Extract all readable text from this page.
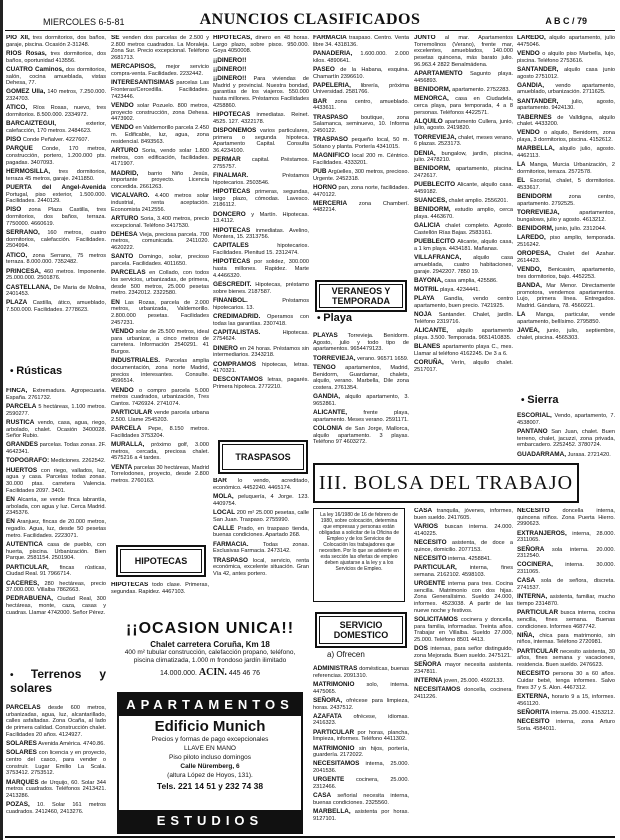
MIERCOLES 6-5-81	ANUNCIOS CLASIFICADOS	A B C / 79
PIO XII, tres dormitorios, dos baños, garaje, piscina. Ocasión 2-31248.
RIOS Rosas, tres dormitorios, dos baños, oportunidad 413556.
CUATRO Caminos, dos dormitorios, salón, cocina amueblada, vistas Dehesa, 77.
GOMEZ Ulla, 140 metros, 7.250.000. 2324703.
ATICO, Ríos Rosas, nuevo, tres dormitorios. 8.500.000. 2334972.
BARCAIZTEGUI,	exterior, calefacción, 170 metros. 2484623.
PISO Conde Peñalver. 4227607.
PARQUE Conde, 170 metros, construcción, portero, 1.200.000 pts. pagadas. 3407093.
HERMOSILLA, tres dormitorios, terraza 45 metros, garaje. 2411850.
PUERTA del Angel-Avenida Portugal, piso exterior, 1.500.000. Facilidades. 2440129.
PISO zona Plaza Castilla, tres dormitorios, dos baños, terraza. 7750000. 4660619.
SERRANO, 160 metros, cuatro dormitorios, calefacción. Facilidades. 2504994.
ATICO, zona Serrano, 75 metros terraza. 8.000.000. 7352482.
PRINCESA, 460 metros. Imponente. 25.000.000. 2501876.
CASTELLANA, De Maria de Molina, 2401453.
PLAZA Castilla, ático, amueblado, 7.500.000. Facilidades. 2778623.
• Rústicas
FINCA, Extremadura. Agropecuaria. España. 2761732.
PARCELA 5 hectáreas, 1.100 metros. 2590277.
RUSTICA vendo, casa, agua, riego, arbolado, chalet. Ocasión 3400028. Señor Rubio.
GRANDES parcelas. Todas zonas. 2F. 4642341.
TOPOGRAFO: Mediciones. 2262542.
HUERTOS con riego, vallados, luz, agua y casa. Parcelas todas zonas. 30.000 ptas. carretera Valencia. Facilidades 2097. 3401.
EN Alcarria, se vende finca labrantía, arbolada, con agua y luz. Cerca Madrid. 2345376.
EN Aranjuez, fincas de 20.000 metros, regadío. Agua, luz, desde 50 pesetas metro. Facilidades. 2223071.
AUTENTICA casa de pueblo, con huerta, piscina. Urbanización. Bien Parque. 2581154. 2501904.
PARTICULAR, fincas rústicas, Ciudad Real. 91 7966714.
CACERES, 280 hectáreas, precio 37.000.000. Villalba 7862663.
PEDRABUENA, Ciudad Real, 300 hectáreas, monte, caza, casas y cuadras. Llamar 4742000. Señor Pérez.
• Terrenos y solares
PARCELAS desde 600 metros, urbanizadas, agua, luz, alcantarillado, calles asfaltadas. Zona Ocaña, al lado de primera calidad. Construcción chalet. Facilidades 20 años. 4124927.
SOLARES Avenida América. 4740.86.
SOLARES con licencia y en proyecto, centro del casco, para vender o construir. Lugar Emilio La Scala. 3753412. 2753512.
MARQUES de Urquijo, 60. Solar 344 metros cuadrados. Teléfonos 2413421. 2413286.
POZAS, 10. Solar 161 metros cuadrados. 2412460, 2413276.
SE venden dos parcelas de 2.500 y 2.800 metros cuadrados. La Moraleja. Zona Sur. Precio excepcional. Teléfono 2681713.
MERCAPISOS, mejor servicio compra-venta. Facilidades. 2232442.
INTERESANTISIMAS parcelas Las Fronteras/Cercedilla. Facilidades. 7423446.
VENDO solar Pozuelo. 800 metros, proyecto construcción, zona Dehesa. 4473902.
VENDO en Valdemorillo parcela 2.450 m. Edificable, luz, agua, zona residencial. 8493563.
ARTURO Soria, vendo solar 1.800 metros, con edificación, facilidades. 4171907.
MADRID, barrio Niño Jesús, importante proyecto. Licencia concedida. 2661263.
VICALVARO. 4.400 metros solar industrial, renta aceptación. Economista 2412556.
ARTURO Soria, 3.400 metros, precio excepcional. Teléfono 3417530.
DEHESA Vieja, preciosa parcela. 700 metros, comunicada. 2411020. 4620222.
SANTO Domingo, solar, precioso parcela. Facilidades. 4011650.
PARCELAS en Collado, con todos los servicios, urbanizadas, de primera, desde 500 metros, 25.000 pesetas metro. 2342012. 2322580.
EN Las Rozas, parcela de 2.000 metros, urbanizada, Valdemorillo. 2.800.000 pesetas. Facilidades 2457231.
VENDO solar de 25.500 metros, ideal para urbanizar, a cinco metros de carretera. Información 2540291. 41 Burgos.
INDUSTRIALES. Parcelas amplia documentación, zona norte Madrid, precios interesantes. Consulte. 4596514.
VENDO o compro parcela 5.000 metros cuadrados, urbanización, Tres Cantos. 7426924. 2741074.
PARTICULAR vende parcela urbana 2.500. Llame 2545203.
PARCELA Pepe, 8.150 metros. Facilidades 3753204.
MURALLA, próximo golf, 3.000 metros, cercada, preciosa chalet. 4575216 a 4 tardes.
VENTA parcelas 30 hectáreas, Madrid Torrelodones, proyecto, desde 2.800 metros. 2760163.
HIPOTECAS
HIPOTECAS todo clase. Primeras, segundas. Rapidez. 4467103.
HIPOTECAS, dinero en 48 horas. Largo plazo, sobre pisos. 950.000. Goya 4050008.
¡¡DINERO!!
¡¡DINERO!!
¡¡DINERO!! Para viviendas de Madrid y provincial. Nuestra bondad, garantías de los viajeros. 550.000 hasta millones. Préstamos Facilidades 4258860.
HIPOTECAS inmediatas. Reinet. 4525. 127. 4322178.
DISPONEMOS varios particulares, primera o segunda hipoteca. Apartamento Capital. Consulta 36.4234100.
PERMAR capital. Préstamos. 2755757.
FINALMAR.	Préstamos hipotecarios. 2503546.
HIPOTECAS primeras, segundas, largo plazo, cómodas. Lavesco. 2186112.
DONCERO y Martín. Hipotecas. 13.4112.
HIPOTECAS inmediatas. Avelino, Montera, 15. 2313756.
CAPITALES	hipotecarios. Facilidades. Plenitud 15. 2312474.
HIPOTECAS por solidez, 300.000 hasta millones. Rapidez. Marte 4.4466320.
GESCREDIT. Hipotecas, préstamo sobre bienes. 2187587.
FINANBOL.	Préstamos hipotecarios. 13.
CREDIMADRID. Operamos con todas las garantías. 2307418.
CAPITALISTAS.	Hipotecas. 2754624.
DINERO en 24 horas. Préstamos sin intermediarios. 2343218.
COMPRAMOS hipotecas, letras. 4170321.
DESCONTAMOS letras, pagarés. Primera hipoteca. 2772210.
TRASPASOS
BAR lo vendo, acreditado, económico. 4452240. 4465174.
MOLA, peluquería, 4 Jorge. 123. 4409754.
LOCAL 200 m² 25.000 pesetas, calle San Juan. Traspaso. 2755990.
CALLE Prado, en traspaso tienda, buenas condiciones. Apartado 268.
FARMACIA.	Todas zonas. Exclusivas Farmacia. 2473142.
TRASPASO local, servicio, renta económica, excelente situación. Gran Vía 42, antes portero.
FARMACIA traspaso. Centro. Venta libre 34. 4318136.
PANADERIA, 1.600.000. 2.000 kilos. 4890641.
PASEO de la Habana, esquina. Chamartín 2396610.
PAPELERIA, librería, próxima Universidad. 2581766.
BAR zona centro, amueblado. 4433611.
TRASPASO boutique, zona Salamanca, seminuevo, 10. Informa 2450122.
TRASPASO pequeño local, 50 m. Sótano y planta. Portería 4341015.
MAGNIFICO local 200 m. Céntrico. Facilidades. 4333201.
PUB Argüelles, 300 metros, precioso. Urgente. 2452318.
HORNO pan, zona norte, facilidades. 4470122.
MERCERIA zona Chamberí. 4482214.
VERANEOS Y TEMPORADA
• Playa
PLAYAS Torrevieja. Benidorm. Agosto, julio y todo tipo de apartamentos. 9654479123.
TORREVIEJA, verano. 96571 1659.
TENGO apartamentos, Madrid, Benidorm, Guardamar, chalets, alquilo, verano. Marbella, Dile zona costera. 2761354.
GANDIA, alquilo apartamento, 3. 9652861.
ALICANTE,	frente playa, apartamento. Meses verano. 2591171.
COLONIA de San Jorge, Mallorca, alquilo apartamento. 3 playas. Teléfono 97 4603272.
JUNTO al mar. Apartamentos Torremolinos (Verano), frente mar, excelentes, amueblados, 140.000 pesetas quincena, más barato julio. 96.963.4 2822 Benalmádena.
APARTAMENTO Sagunto playa. 4456893.
BENIDORM, apartamento. 2752283.
MENORCA, casa en Ciudadela, cerca playa, para temporada, 4 a 8 personas. Teléfonos 4422571.
ALQUILO apartamento Cullera, junio, julio, agosto. 2419820.
TORREVIEJA, chalet, meses verano, 6 plazas. 2523173.
DENIA, bungalow, jardín, piscina, julio. 2478210.
BENIDORM, apartamento, piscina. 2472617.
PUEBLECITO Alicante, alquilo casa. 4459182.
SUANCES, chalet amplio. 2556201.
BENIDORM, estudio amplio, cerca playa. 4463670.
GALICIA chalet completo. Agosto. Castellón Rías Bajas. 2583161.
PUEBLECITO Alicante, alquilo casa, a 1 km playa. 4434181. Mañanas.
VILLAFRANCA, alquilo casa amueblada, cuatro habitaciones, garaje. 2942207. 7850 19.
BAYONA, casa amplia, 425586.
MOTRIL playa. 4234441.
PLAYA Gandía, vendo centro apartamento, buen precio. 7421925.
NOJA Santander. Chalet, jardín. Teléfono 2319716.
ALICANTE, alquilo apartamento playa. 3.500. Temporada. 9651410835.
BLANES apartamento playa C., mes. Llamar al teléfono 4162245. De 3 a 6.
CORUÑA, Verín, alquilo chalet. 2517017.
LAREDO, alquilo apartamento, julio 4475046.
VENDO o alquilo piso Marbella, lujo, piscina. Teléfono 2753616.
SANTANDER, alquilo casa junio agosto 2751012.
GANDIA, vendo apartamento, amueblado, urbanización. 2711625.
SANTANDER, julio, agosto, apartamento. 9424130.
TABERNES de Valldigna, alquilo chalet. 4433200.
VENDO o alquilo, Benidorm, zona playa, 3 dormitorios, piscina. 4152612.
MARBELLA, alquilo julio, agosto. 4462113.
LA Manga, Murcia Urbanización, 2 dormitorios, terraza. 2572578.
EL Escorial, chalet, 5 dormitorios. 4533617.
BENIDORM	zona centro, apartamento. 2792525.
TORREVIEJA,	apartamentos, bungalows, julio y agosto. 4613212.
BENIDORM, junio, julio. 2312044.
LAREDO, piso amplio, temporada. 2516242.
OROPESA, Chalet del Azahar. 2614423.
VENDO, Benicasim, apartamento, tres dormitorios, bajo. 4452253.
BANDA, Mar Menor. Directamente promotora, vendemos apartamentos. Lujo, primera línea. Entregados. Madrid. Gándara, 78. 4560221.
LA Manga, particular, vende apartamento, bellísimo. 2795850.
JAVEA, junio, julio, septiembre, chalet, piscina. 4565303.
• Sierra
ESCORIAL, Vendo, apartamento, 7. 4538007.
PANTANO San Juan, chalet. Buen terreno, chalet, jacuzzi, zona privada, embarcadero. 2252452. 3780724.
GUADARRAMA, Jurasa. 2721420.
III. BOLSA DEL TRABAJO
La ley 16/1980 de 16 de febrero de 1980, sobre colocación, determina que empresas y personas están obligadas a solicitar de la Oficina de Empleo y de los Servicios de Colocación los trabajadores que necesiten. Por lo que se advierte en esta sección las ofertas de empleo deben ajustarse a la ley y a los Servicios de Empleo.
SERVICIO DOMESTICO
a) Ofrecen
ADMINISTRAS domésticas, buenas referencias. 2091310.
MATRIMONIO solo, interna. 4475065.
SEÑORA, ofrécese para limpieza, horas. 2437512.
AZAFATA ofrécese, idiomas. 2416323.
PARTICULAR por horas, plancha, limpieza, informes. Teléfono 4411302.
MATRIMONIO sin hijos, portería, guardería. 2172022.
NECESITAMOS interna, 25.000. 2041536.
URGENTE cocinera, 25.000. 2312466.
CASA señorial necesita interna, buenas condiciones. 2325560.
MARBELLA, asistenta por horas. 9127101.
CASA tranquila, jóvenes, informes, buen sueldo. 2417605.
VARIOS buscan interna. 24.000. 4140225.
NECESITO asistenta, de doce a quince, domicilio. 2077153.
NECESITO interna. 4258841.
PARTICULAR, interna, fines semana. 2162102. 4598103.
URGENTE interna para tres. Cocina sencilla. Matrimonio con dos hijas. Zona Generalísimo. Sueldo 24.000, informes. 4523038. A partir de las nueve noche y festivos.
SOLICITAMOS cocinera y doncella, para familia, informadas. Treinta años. Trabajar en Villalba. Sueldo 27.000, 25.000. Teléfono 8501 4413.
DOS internas, para señor distinguido, zona Mejorada. Buen sueldo. 2475121.
SEÑORA mayor necesita asistenta. 2347811.
INTERNA joven, 25.000. 4592133.
NECESITAMOS doncella, cocinera. 2411226.
NECESITO doncella interna, quincena niños. Zona Puerta Hierro. 2990623.
EXTRANJEROS, interna, 28.000. 2311065.
SEÑORA sola interna. 20.000. 2312540.
COCINERA, interna. 30.000. 2311065.
CASA sola de señora, discreta. 2741537.
INTERNA, asistenta, familiar, mucho tiempo 2314870.
PARTICULAR busca interna, cocina sencilla, fines semana. Buenas condiciones. Informes 4687742.
NIÑA, chica para matrimonio, sin niños, internas. Teléfono 2720981.
PARTICULAR necesito asistenta, 30 años, fines semana y vacaciones, residencia. Buen sueldo. 2476623.
NECESITO persona 30 a 60 años. Cuidar bebé, tenga informes. Salvo fines 37 y S. Alon. 4467312.
EXTERNA, horario 9 a 15, informes. 4561120.
SEÑORITA interna. 25.000. 4153212.
NECESITO interna, zona Arturo Soria. 4584011.
¡¡OCASION UNICA!!
Chalet carretera Coruña, Km 18
400 m² tubular construcción, calefacción propano, teléfono, piscina climatizada, 1.000 m frondoso jardín ilimitado
14.000.000. ACIN. 445 46 76
APARTAMENTOS
Edificio Munich
Precios y formas de pago excepcionales
LLAVE EN MANO
Piso piloto incluso domingos
Calle Nüremberg, 6
(altura López de Hoyos, 131).
Tels. 221 14 51 y 232 74 38
ESTUDIOS
